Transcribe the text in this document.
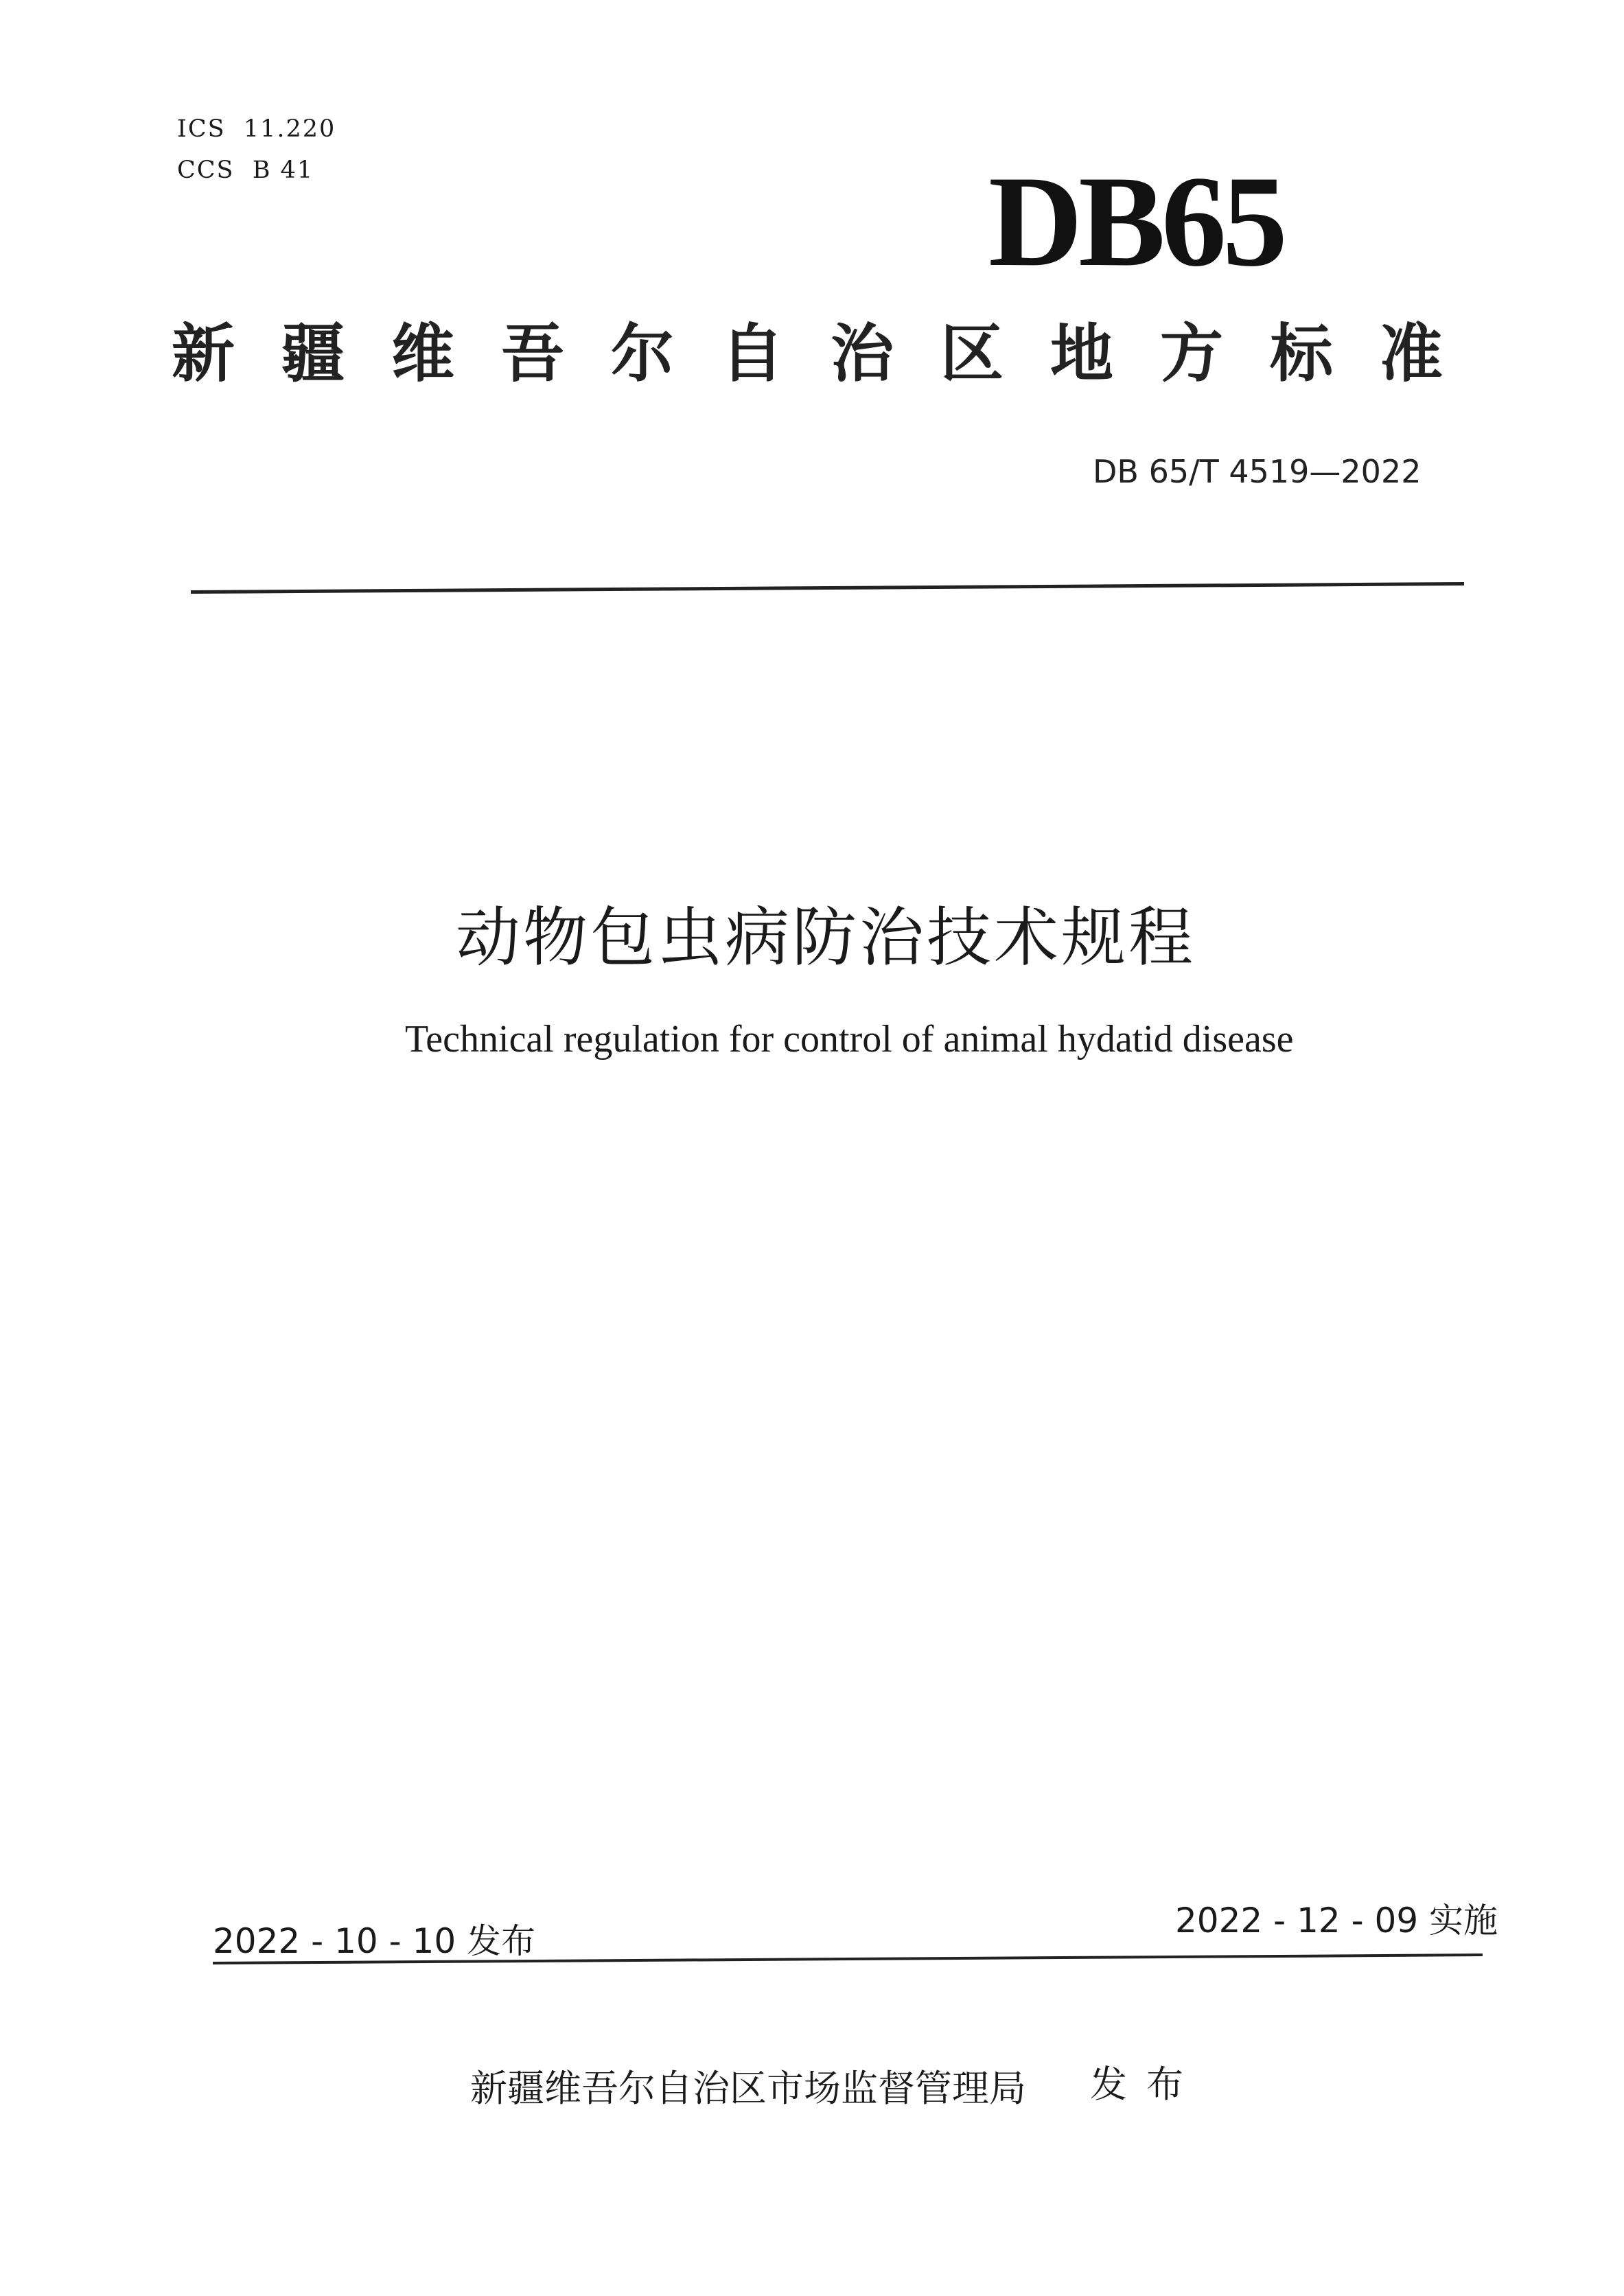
ICS  11.220
CCS  B 41	DB65
新疆维吾尔自治区地方标准
DB 65/T 4519—2022
动物包虫病防治技术规程
Technical regulation for control of animal hydatid disease
2022 - 10 - 10 发布
2022 - 12 - 09 实施
新疆维吾尔自治区市场监督管理局 发布
